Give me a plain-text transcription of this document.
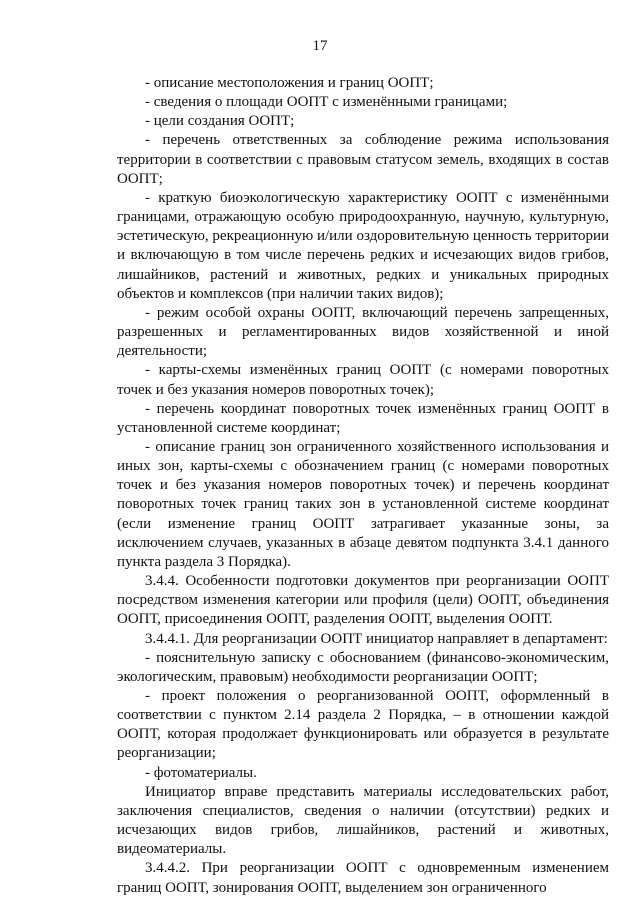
17

- описание местоположения и границ ООПТ;

- сведения о площади ООПТ с изменёнными границами;

- цели создания ООПТ;

- перечень ответственных за соблюдение режима использования территории в соответствии с правовым статусом земель, входящих в состав ООПТ;

- краткую биоэкологическую характеристику ООПТ с изменёнными границами, отражающую особую природоохранную, научную, культурную, эстетическую, рекреационную и/или оздоровительную ценность территории и включающую в том числе перечень редких и исчезающих видов грибов, лишайников, растений и животных, редких и уникальных природных объектов и комплексов (при наличии таких видов);

- режим особой охраны ООПТ, включающий перечень запрещенных, разрешенных и регламентированных видов хозяйственной и иной деятельности;

- карты-схемы изменённых границ ООПТ (с номерами поворотных точек и без указания номеров поворотных точек);

- перечень координат поворотных точек изменённых границ ООПТ в установленной системе координат;

- описание границ зон ограниченного хозяйственного использования и иных зон, карты-схемы с обозначением границ (с номерами поворотных точек и без указания номеров поворотных точек) и перечень координат поворотных точек границ таких зон в установленной системе координат (если изменение границ ООПТ затрагивает указанные зоны, за исключением случаев, указанных в абзаце девятом подпункта 3.4.1 данного пункта раздела 3 Порядка).

3.4.4. Особенности подготовки документов при реорганизации ООПТ посредством изменения категории или профиля (цели) ООПТ, объединения ООПТ, присоединения ООПТ, разделения ООПТ, выделения ООПТ.

3.4.4.1. Для реорганизации ООПТ инициатор направляет в департамент:

- пояснительную записку с обоснованием (финансово-экономическим, экологическим, правовым) необходимости реорганизации ООПТ;

- проект положения о реорганизованной ООПТ, оформленный в соответствии с пунктом 2.14 раздела 2 Порядка, – в отношении каждой ООПТ, которая продолжает функционировать или образуется в результате реорганизации;

- фотоматериалы.

Инициатор вправе представить материалы исследовательских работ, заключения специалистов, сведения о наличии (отсутствии) редких и исчезающих видов грибов, лишайников, растений и животных, видеоматериалы.

3.4.4.2. При реорганизации ООПТ с одновременным изменением границ ООПТ, зонирования ООПТ, выделением зон ограниченного
